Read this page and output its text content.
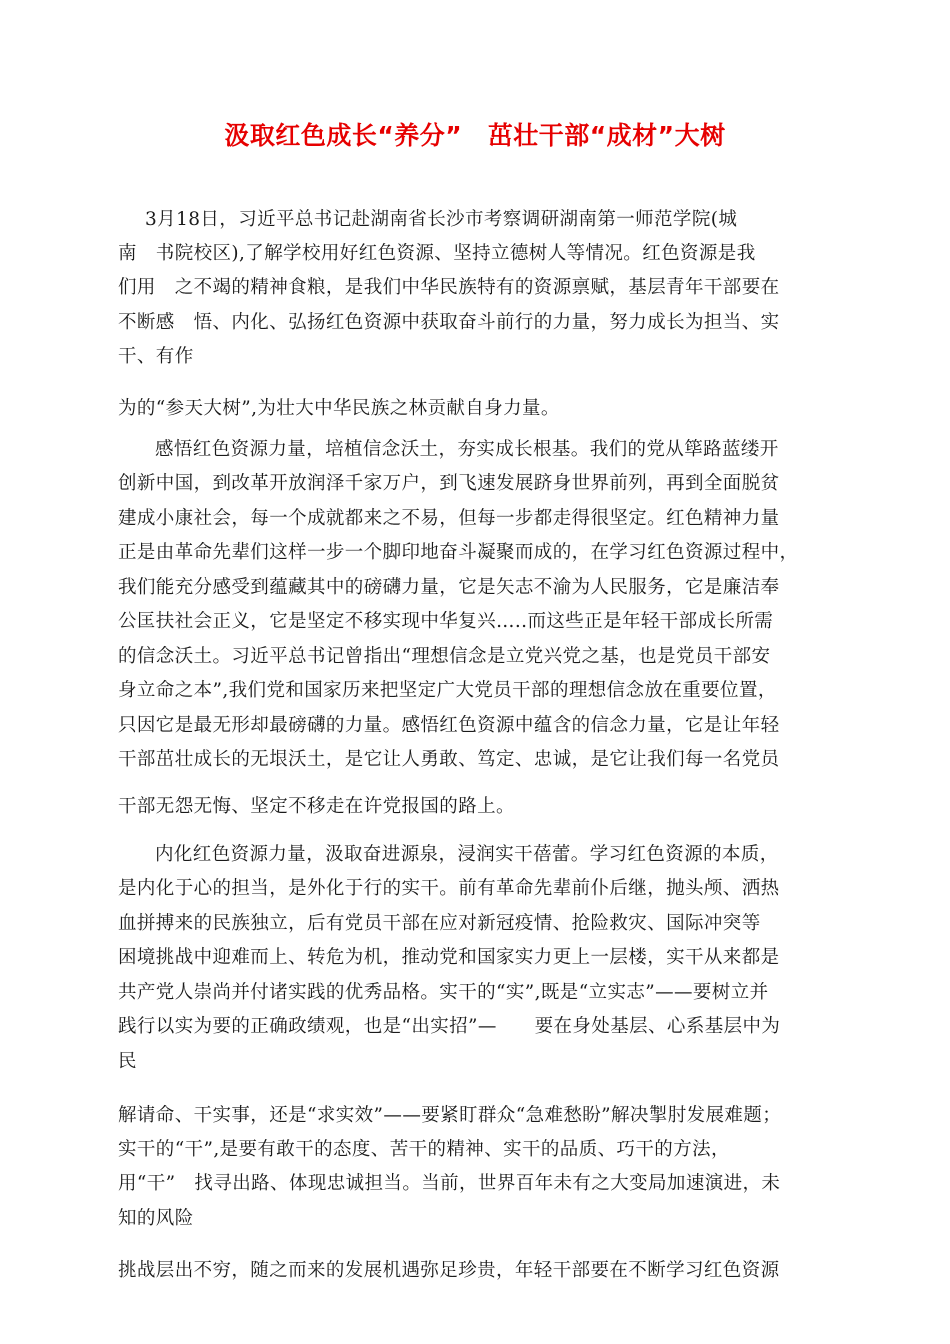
汲取红色成长“养分”　茁壮干部“成材”大树
3月18日，习近平总书记赴湖南省长沙市考察调研湖南第一师范学院(城
南　书院校区),了解学校用好红色资源、坚持立德树人等情况。红色资源是我
们用　之不竭的精神食粮，是我们中华民族特有的资源禀赋，基层青年干部要在
不断感　悟、内化、弘扬红色资源中获取奋斗前行的力量，努力成长为担当、实
干、有作
为的“参天大树”,为壮大中华民族之林贡献自身力量。
感悟红色资源力量，培植信念沃土，夯实成长根基。我们的党从筚路蓝缕开
创新中国，到改革开放润泽千家万户，到飞速发展跻身世界前列，再到全面脱贫
建成小康社会，每一个成就都来之不易，但每一步都走得很坚定。红色精神力量
正是由革命先辈们这样一步一个脚印地奋斗凝聚而成的，在学习红色资源过程中，
我们能充分感受到蕴藏其中的磅礴力量，它是矢志不渝为人民服务，它是廉洁奉
公匡扶社会正义，它是坚定不移实现中华复兴…..而这些正是年轻干部成长所需
的信念沃土。习近平总书记曾指出“理想信念是立党兴党之基，也是党员干部安
身立命之本”,我们党和国家历来把坚定广大党员干部的理想信念放在重要位置，
只因它是最无形却最磅礴的力量。感悟红色资源中蕴含的信念力量，它是让年轻
干部茁壮成长的无垠沃土，是它让人勇敢、笃定、忠诚，是它让我们每一名党员
干部无怨无悔、坚定不移走在许党报国的路上。
内化红色资源力量，汲取奋进源泉，浸润实干蓓蕾。学习红色资源的本质，
是内化于心的担当，是外化于行的实干。前有革命先辈前仆后继，抛头颅、洒热
血拼搏来的民族独立，后有党员干部在应对新冠疫情、抢险救灾、国际冲突等
困境挑战中迎难而上、转危为机，推动党和国家实力更上一层楼，实干从来都是
共产党人崇尚并付诸实践的优秀品格。实干的“实”,既是“立实志”——要树立并
践行以实为要的正确政绩观，也是“出实招”—　　要在身处基层、心系基层中为
民
解请命、干实事，还是“求实效”——要紧盯群众“急难愁盼”解决掣肘发展难题；
实干的“干”,是要有敢干的态度、苦干的精神、实干的品质、巧干的方法，
用“干”　找寻出路、体现忠诚担当。当前，世界百年未有之大变局加速演进，未
知的风险
挑战层出不穷，随之而来的发展机遇弥足珍贵，年轻干部要在不断学习红色资源
